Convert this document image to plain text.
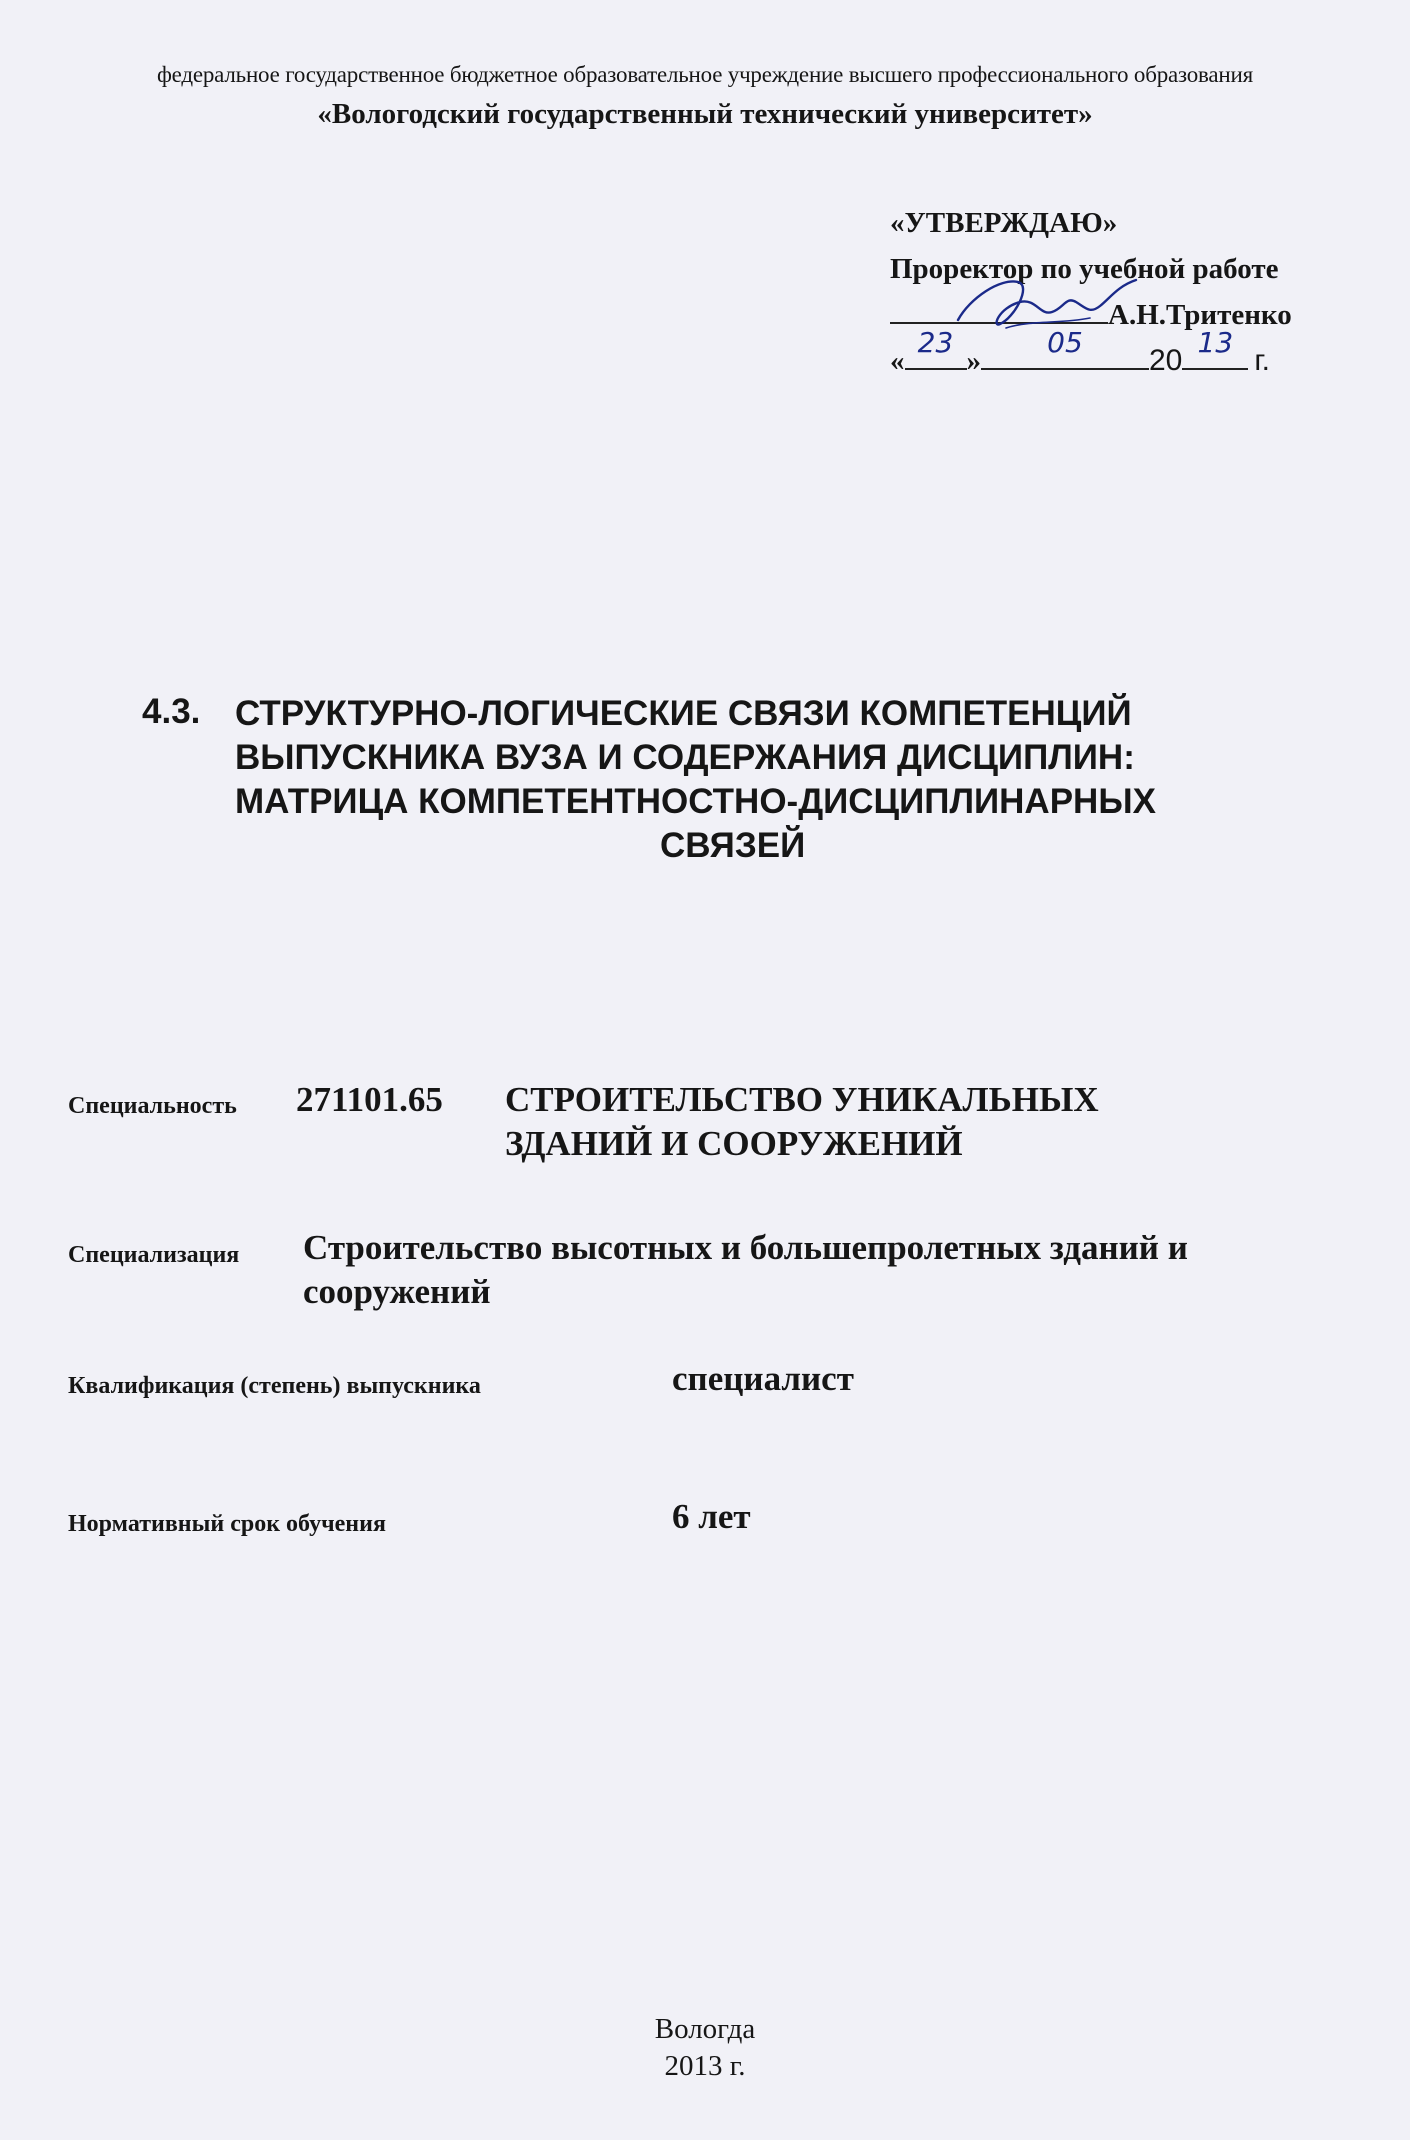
федеральное государственное бюджетное образовательное учреждение высшего профессионального образования
«Вологодский государственный технический университет»
«УТВЕРЖДАЮ»
Проректор по учебной работе
А.Н.Тритенко
«
23
»
05
20
13
г.
4.3. СТРУКТУРНО-ЛОГИЧЕСКИЕ СВЯЗИ КОМПЕТЕНЦИЙ
ВЫПУСКНИКА ВУЗА И СОДЕРЖАНИЯ ДИСЦИПЛИН:
МАТРИЦА КОМПЕТЕНТНОСТНО-ДИСЦИПЛИНАРНЫХ
СВЯЗЕЙ
Специальность 271101.65 СТРОИТЕЛЬСТВО УНИКАЛЬНЫХ
ЗДАНИЙ И СООРУЖЕНИЙ
Специализация Строительство высотных и большепролетных зданий и
сооружений
Квалификация (степень) выпускника	специалист
Нормативный срок обучения	6 лет
Вологда
2013 г.
